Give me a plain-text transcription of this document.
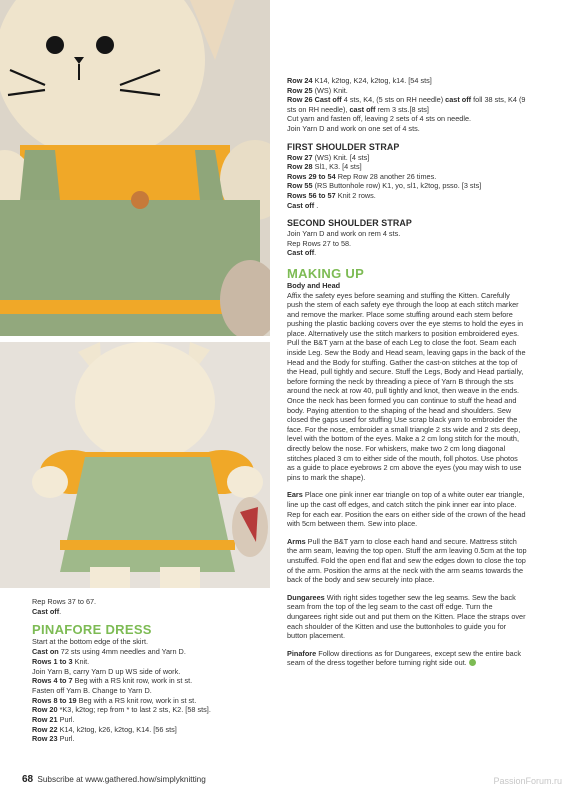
Rep Rows 37 to 67.

Cast off.

PINAFORE DRESS

Start at the bottom edge of the skirt.

Cast on 72 sts using 4mm needles and Yarn D.

Rows 1 to 3 Knit.

Join Yarn B, carry Yarn D up WS side of work.

Rows 4 to 7 Beg with a RS knit row, work in st st.

Fasten off Yarn B. Change to Yarn D.

Rows 8 to 19 Beg with a RS knit row, work in st st.

Row 20 *K3, k2tog; rep from * to last 2 sts, K2. [58 sts].

Row 21 Purl.

Row 22 K14, k2tog, k26, k2tog, K14. [56 sts]

Row 23 Purl.

Row 24 K14, k2tog, K24, k2tog, k14. [54 sts]

Row 25 (WS) Knit.

Row 26 Cast off 4 sts, K4, (5 sts on RH needle) cast off foll 38 sts, K4 (9 sts on RH needle), cast off rem 3 sts.[8 sts]

Cut yarn and fasten off, leaving 2 sets of 4 sts on needle.

Join Yarn D and work on one set of 4 sts.

FIRST SHOULDER STRAP

Row 27 (WS) Knit. [4 sts]

Row 28 Sl1, K3. [4 sts]

Rows 29 to 54 Rep Row 28 another 26 times.

Row 55 (RS Buttonhole row) K1, yo, sl1, k2tog, psso. [3 sts]

Rows 56 to 57 Knit 2 rows.

Cast off .

SECOND SHOULDER STRAP

Join Yarn D and work on rem 4 sts.

Rep Rows 27 to 58.

Cast off.

MAKING UP

Body and Head

Affix the safety eyes before seaming and stuffing the Kitten. Carefully push the stem of each safety eye through the loop at each stitch marker and remove the marker. Place some stuffing around each stem before pushing the plastic backing covers over the eye stems to hold the eyes in place. Alternatively use the stitch markers to position embroidered eyes. Pull the B&T yarn at the base of each Leg to close the foot. Seam each inside Leg. Sew the Body and Head seam, leaving gaps in the back of the Head and the Body for stuffing. Gather the cast-on stitches at the top of the Head, pull tightly and secure. Stuff the Legs, Body and Head partially, before forming the neck by threading a piece of Yarn B through the sts around the neck at row 40, pull tightly and knot, then weave in the ends. Once the neck has been formed you can continue to stuff the head and body. Paying attention to the shaping of the head and shoulders. Sew closed the gaps used for stuffing Use scrap black yarn to embroider the face. For the nose, embroider a small triangle 2 sts wide and 2 sts deep, level with the bottom of the eyes. Make a 2 cm long stitch for the mouth, directly below the nose. For whiskers, make two 2 cm long diagonal stitches placed 3 cm to either side of the mouth, foll photos. Use photos as a guide to place eyebrows 2 cm above the eyes (you may wish to use pins to mark the shape).

Ears Place one pink inner ear triangle on top of a white outer ear triangle, line up the cast off edges, and catch stitch the pink inner ear into place. Rep for each ear. Position the ears on either side of the crown of the head with 5cm between them. Sew into place.

Arms Pull the B&T yarn to close each hand and secure. Mattress stitch the arm seam, leaving the top open. Stuff the arm leaving 0.5cm at the top unstuffed. Fold the open end flat and sew the edges down to close the top of the arm. Position the arms at the neck with the arm seams towards the back of the body and sew securely into place.

Dungarees With right sides together sew the leg seams. Sew the back seam from the top of the leg seam to the cast off edge. Turn the dungarees right side out and put them on the Kitten. Place the straps over each shoulder of the Kitten and use the buttonholes to guide you for button placement.

Pinafore Follow directions as for Dungarees, except sew the entire back seam of the dress together before turning right side out.

68 Subscribe at www.gathered.how/simplyknitting	PassionForum.ru
